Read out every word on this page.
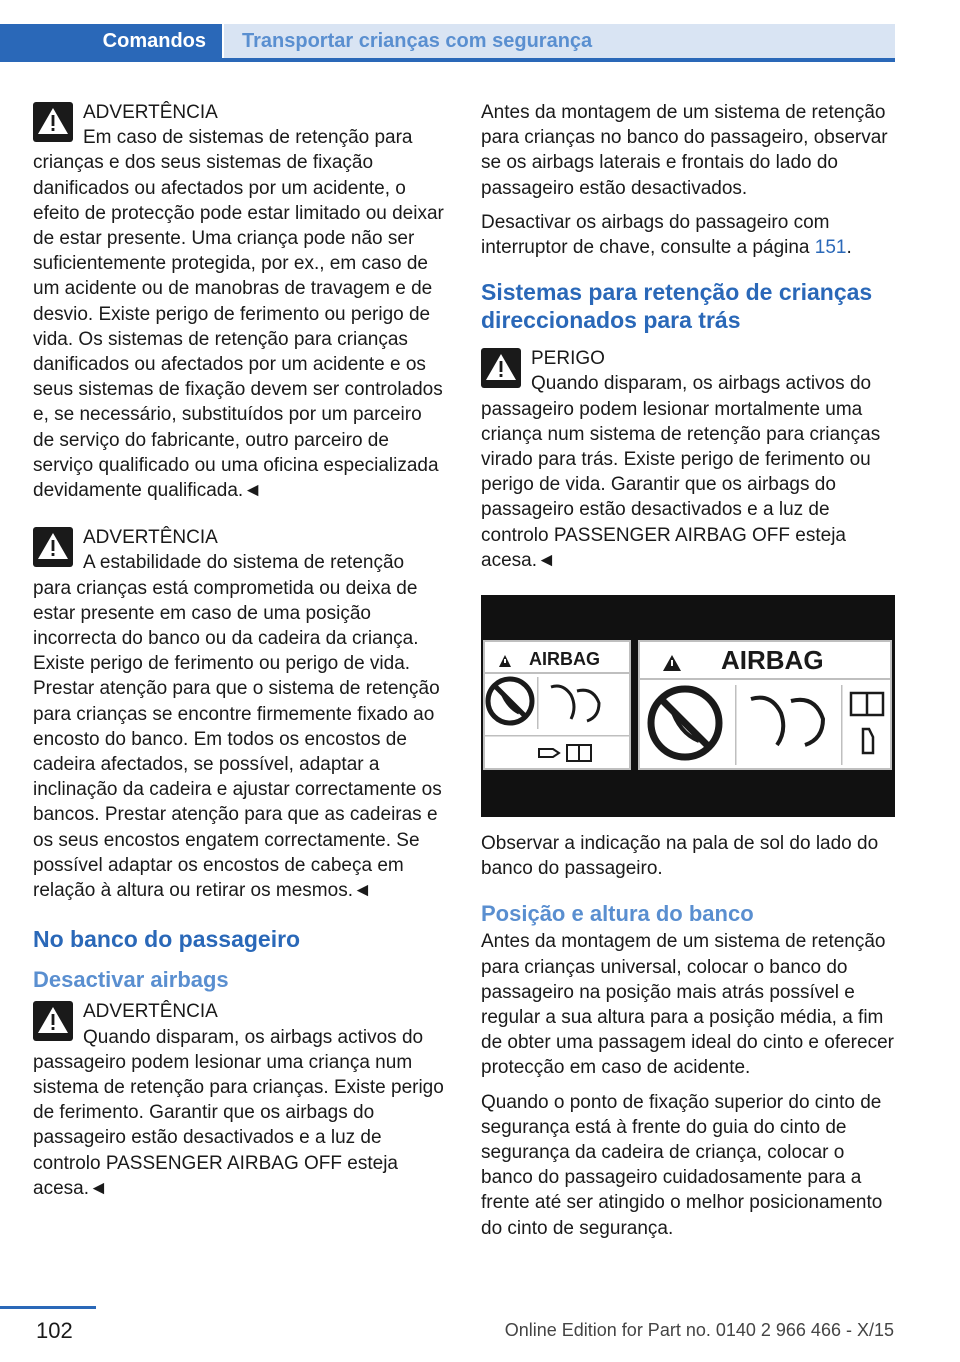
Comandos Transportar crianças com segurança
ADVERTÊNCIA
Em caso de sistemas de retenção para
crianças e dos seus sistemas de fixação danificados ou afectados por um acidente, o efeito de protecção pode estar limitado ou deixar de estar presente. Uma criança pode não ser suficientemente protegida, por ex., em caso de um acidente ou de manobras de travagem e de desvio. Existe perigo de ferimento ou perigo de vida. Os sistemas de retenção para crianças danificados ou afectados por um acidente e os seus sistemas de fixação devem ser controlados e, se necessário, substituídos por um parceiro de serviço do fabricante, outro parceiro de serviço qualificado ou uma oficina especializada devidamente qualificada.◄
ADVERTÊNCIA
A estabilidade do sistema de retenção
para crianças está comprometida ou deixa de estar presente em caso de uma posição incorrecta do banco ou da cadeira da criança. Existe perigo de ferimento ou perigo de vida. Prestar atenção para que o sistema de retenção para crianças se encontre firmemente fixado ao encosto do banco. Em todos os encostos de cadeira afectados, se possível, adaptar a inclinação da cadeira e ajustar correctamente os bancos. Prestar atenção para que as cadeiras e os seus encostos engatem correctamente. Se possível adaptar os encostos de cabeça em relação à altura ou retirar os mesmos.◄
No banco do passageiro
Desactivar airbags
ADVERTÊNCIA
Quando disparam, os airbags activos do
passageiro podem lesionar uma criança num sistema de retenção para crianças. Existe perigo de ferimento. Garantir que os airbags do passageiro estão desactivados e a luz de controlo PASSENGER AIRBAG OFF esteja acesa.◄

Antes da montagem de um sistema de retenção para crianças no banco do passageiro, observar se os airbags laterais e frontais do lado do passageiro estão desactivados.

Desactivar os airbags do passageiro com interruptor de chave, consulte a página 151.

Sistemas para retenção de crianças direccionados para trás
PERIGO
Quando disparam, os airbags activos do
passageiro podem lesionar mortalmente uma criança num sistema de retenção para crianças virado para trás. Existe perigo de ferimento ou perigo de vida. Garantir que os airbags do passageiro estão desactivados e a luz de controlo PASSENGER AIRBAG OFF esteja acesa.◄
AIRBAG	AIRBAG

Observar a indicação na pala de sol do lado do banco do passageiro.

Posição e altura do banco

Antes da montagem de um sistema de retenção para crianças universal, colocar o banco do passageiro na posição mais atrás possível e regular a sua altura para a posição média, a fim de obter uma passagem ideal do cinto e oferecer protecção em caso de acidente.

Quando o ponto de fixação superior do cinto de segurança está à frente do guia do cinto de segurança da cadeira de criança, colocar o banco do passageiro cuidadosamente para a frente até ser atingido o melhor posicionamento do cinto de segurança.

102	Online Edition for Part no. 0140 2 966 466 - X/15
